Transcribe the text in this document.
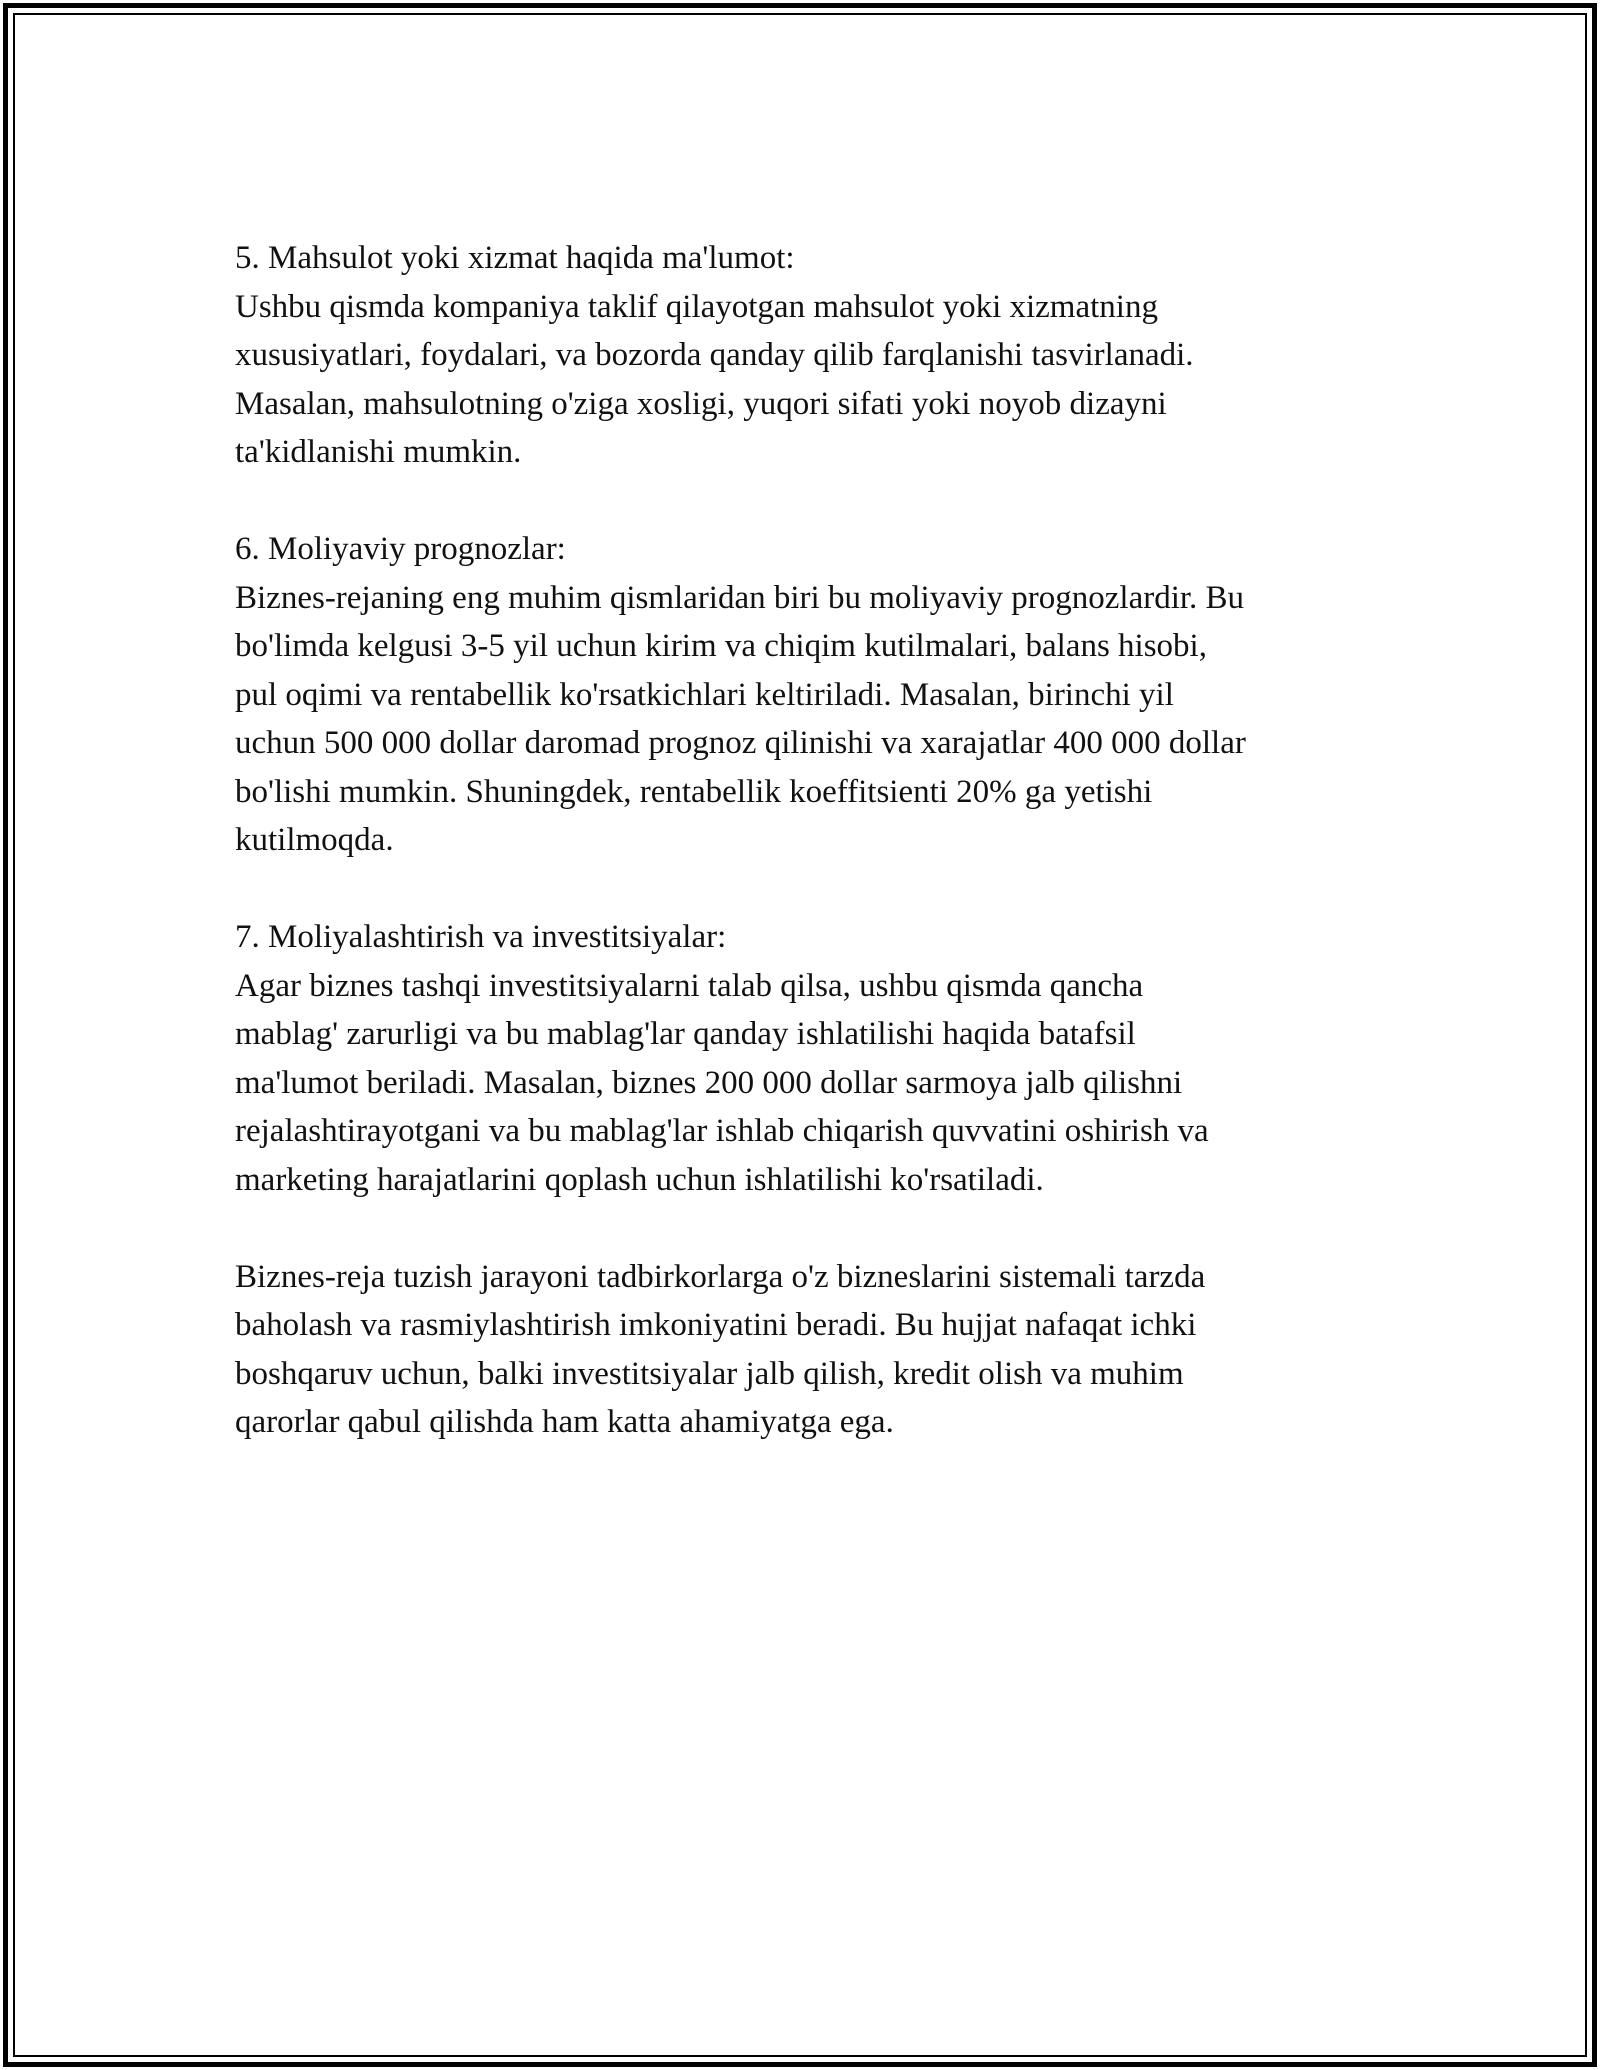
5. Mahsulot yoki xizmat haqida ma'lumot:
Ushbu qismda kompaniya taklif qilayotgan mahsulot yoki xizmatning
xususiyatlari, foydalari, va bozorda qanday qilib farqlanishi tasvirlanadi.
Masalan, mahsulotning o'ziga xosligi, yuqori sifati yoki noyob dizayni
ta'kidlanishi mumkin.
6. Moliyaviy prognozlar:
Biznes-rejaning eng muhim qismlaridan biri bu moliyaviy prognozlardir. Bu
bo'limda kelgusi 3-5 yil uchun kirim va chiqim kutilmalari, balans hisobi,
pul oqimi va rentabellik ko'rsatkichlari keltiriladi. Masalan, birinchi yil
uchun 500 000 dollar daromad prognoz qilinishi va xarajatlar 400 000 dollar
bo'lishi mumkin. Shuningdek, rentabellik koeffitsienti 20% ga yetishi
kutilmoqda.
7. Moliyalashtirish va investitsiyalar:
Agar biznes tashqi investitsiyalarni talab qilsa, ushbu qismda qancha
mablag' zarurligi va bu mablag'lar qanday ishlatilishi haqida batafsil
ma'lumot beriladi. Masalan, biznes 200 000 dollar sarmoya jalb qilishni
rejalashtirayotgani va bu mablag'lar ishlab chiqarish quvvatini oshirish va
marketing harajatlarini qoplash uchun ishlatilishi ko'rsatiladi.
Biznes-reja tuzish jarayoni tadbirkorlarga o'z bizneslarini sistemali tarzda
baholash va rasmiylashtirish imkoniyatini beradi. Bu hujjat nafaqat ichki
boshqaruv uchun, balki investitsiyalar jalb qilish, kredit olish va muhim
qarorlar qabul qilishda ham katta ahamiyatga ega.
